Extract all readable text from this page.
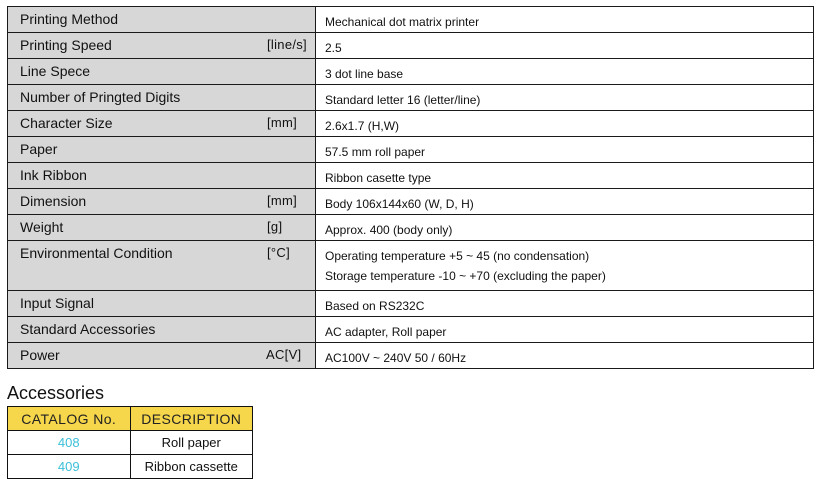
Printing Method	Mechanical dot matrix printer

Printing Speed [line/s]	2.5

Line Spece	3 dot line base

Number of Pringted Digits	Standard letter 16 (letter/line)

Character Size [mm]	2.6x1.7 (H,W)

Paper	57.5 mm roll paper

Ink Ribbon	Ribbon casette type

Dimension [mm]	Body 106x144x60 (W, D, H)

Weight [g]	Approx. 400 (body only)

Environmental Condition [°C]	Operating temperature +5 ~ 45 (no condensation)
Storage temperature -10 ~ +70 (excluding the paper)

Input Signal	Based on RS232C

Standard Accessories	AC adapter, Roll paper

Power AC[V]	AC100V ~ 240V 50 / 60Hz
Accessories
CATALOG No.	DESCRIPTION
408	Roll paper
409	Ribbon cassette
